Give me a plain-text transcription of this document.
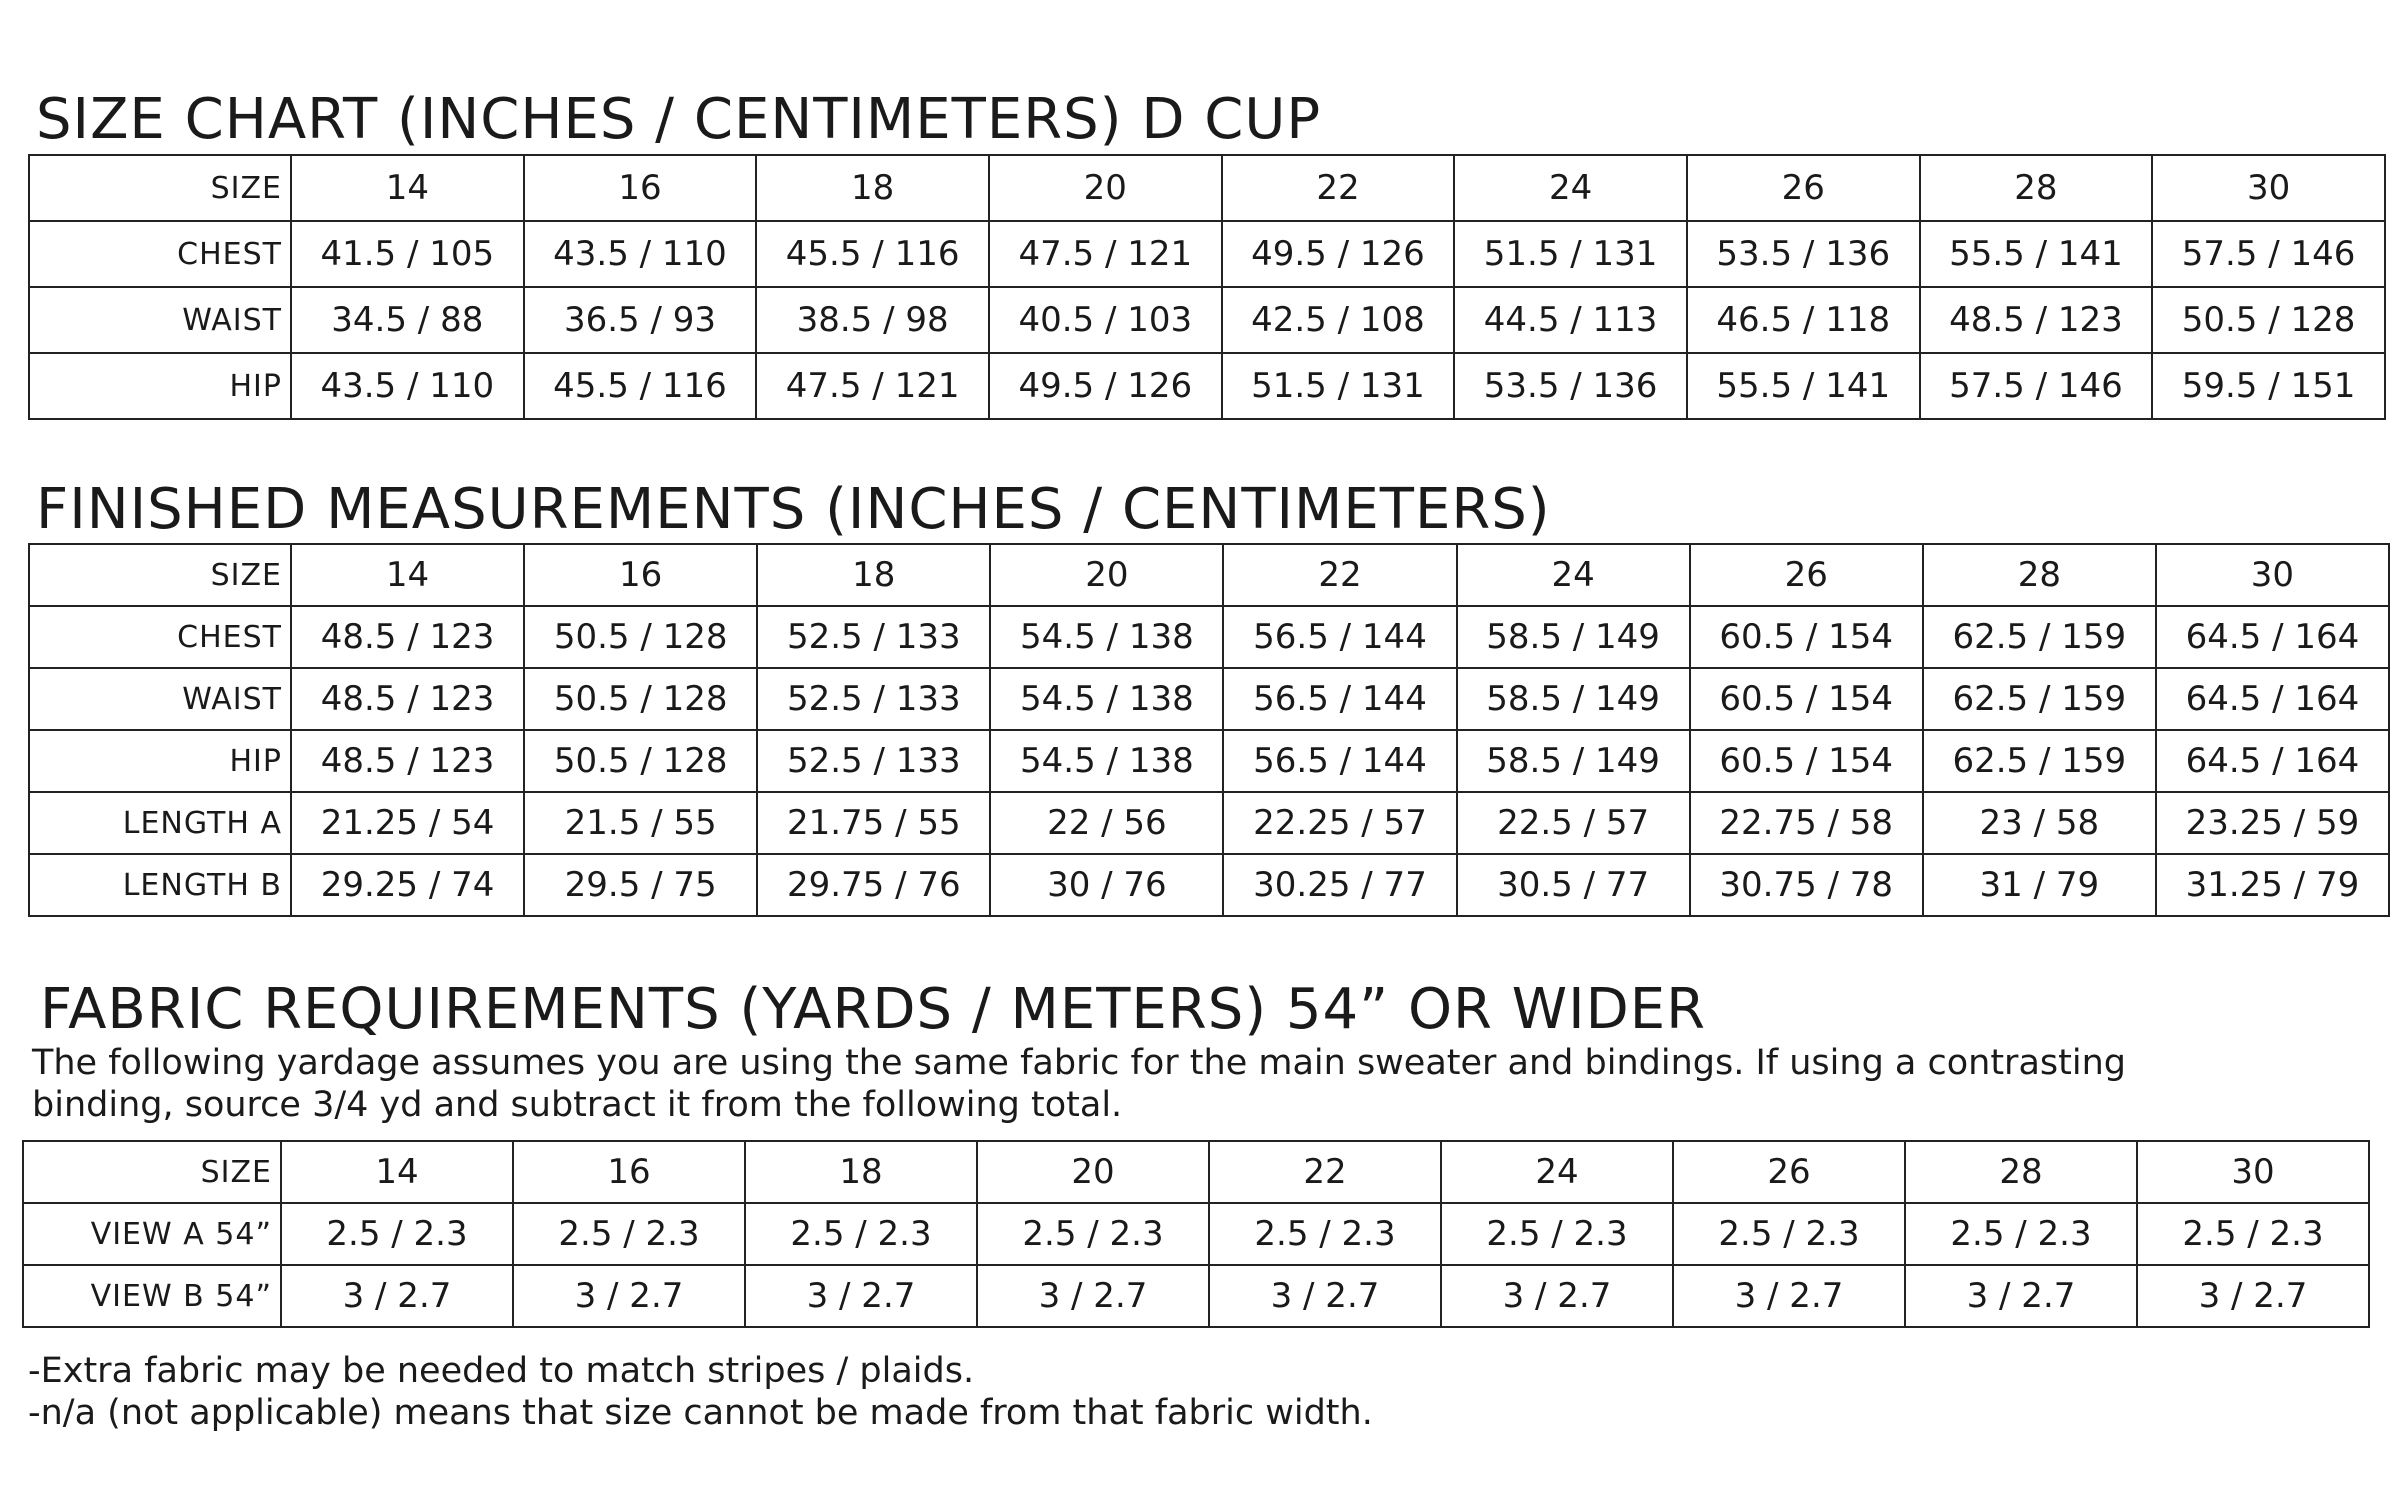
SIZE CHART (INCHES / CENTIMETERS) D CUP
SIZE	14	16	18	20	22	24	26	28	30
CHEST	41.5 / 105	43.5 / 110	45.5 / 116	47.5 / 121	49.5 / 126	51.5 / 131	53.5 / 136	55.5 / 141	57.5 / 146
WAIST	34.5 / 88	36.5 / 93	38.5 / 98	40.5 / 103	42.5 / 108	44.5 / 113	46.5 / 118	48.5 / 123	50.5 / 128
HIP	43.5 / 110	45.5 / 116	47.5 / 121	49.5 / 126	51.5 / 131	53.5 / 136	55.5 / 141	57.5 / 146	59.5 / 151
FINISHED MEASUREMENTS (INCHES / CENTIMETERS)
SIZE	14	16	18	20	22	24	26	28	30
CHEST	48.5 / 123	50.5 / 128	52.5 / 133	54.5 / 138	56.5 / 144	58.5 / 149	60.5 / 154	62.5 / 159	64.5 / 164
WAIST	48.5 / 123	50.5 / 128	52.5 / 133	54.5 / 138	56.5 / 144	58.5 / 149	60.5 / 154	62.5 / 159	64.5 / 164
HIP	48.5 / 123	50.5 / 128	52.5 / 133	54.5 / 138	56.5 / 144	58.5 / 149	60.5 / 154	62.5 / 159	64.5 / 164
LENGTH A	21.25 / 54	21.5 / 55	21.75 / 55	22 / 56	22.25 / 57	22.5 / 57	22.75 / 58	23 / 58	23.25 / 59
LENGTH B	29.25 / 74	29.5 / 75	29.75 / 76	30 / 76	30.25 / 77	30.5 / 77	30.75 / 78	31 / 79	31.25 / 79
FABRIC REQUIREMENTS (YARDS / METERS) 54” OR WIDER

The following yardage assumes you are using the same fabric for the main sweater and bindings. If using a contrasting binding, source 3/4 yd and subtract it from the following total.

SIZE	14	16	18	20	22	24	26	28	30
VIEW A 54”	2.5 / 2.3	2.5 / 2.3	2.5 / 2.3	2.5 / 2.3	2.5 / 2.3	2.5 / 2.3	2.5 / 2.3	2.5 / 2.3	2.5 / 2.3
VIEW B 54”	3 / 2.7	3 / 2.7	3 / 2.7	3 / 2.7	3 / 2.7	3 / 2.7	3 / 2.7	3 / 2.7	3 / 2.7

-Extra fabric may be needed to match stripes / plaids.

-n/a (not applicable) means that size cannot be made from that fabric width.
